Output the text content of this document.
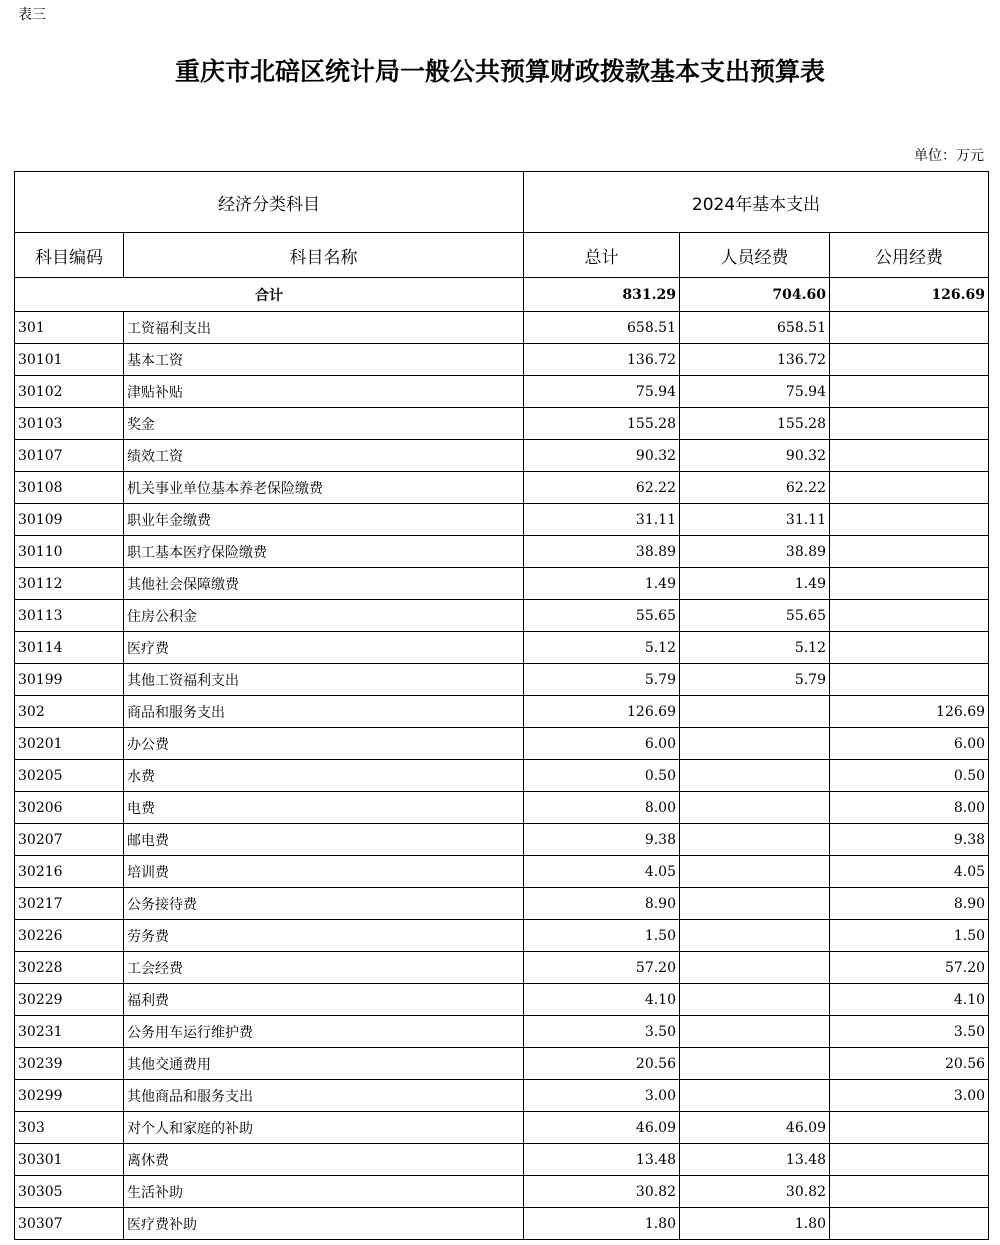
表三
重庆市北碚区统计局一般公共预算财政拨款基本支出预算表
单位：万元
经济分类科目		2024年基本支出		
科目编码	科目名称	总计	人员经费	公用经费
合计		831.29	704.60	126.69
301	工资福利支出	658.51	658.51	
30101	基本工资	136.72	136.72	
30102	津贴补贴	75.94	75.94	
30103	奖金	155.28	155.28	
30107	绩效工资	90.32	90.32	
30108	机关事业单位基本养老保险缴费	62.22	62.22	
30109	职业年金缴费	31.11	31.11	
30110	职工基本医疗保险缴费	38.89	38.89	
30112	其他社会保障缴费	1.49	1.49	
30113	住房公积金	55.65	55.65	
30114	医疗费	5.12	5.12	
30199	其他工资福利支出	5.79	5.79	
302	商品和服务支出	126.69		126.69
30201	办公费	6.00		6.00
30205	水费	0.50		0.50
30206	电费	8.00		8.00
30207	邮电费	9.38		9.38
30216	培训费	4.05		4.05
30217	公务接待费	8.90		8.90
30226	劳务费	1.50		1.50
30228	工会经费	57.20		57.20
30229	福利费	4.10		4.10
30231	公务用车运行维护费	3.50		3.50
30239	其他交通费用	20.56		20.56
30299	其他商品和服务支出	3.00		3.00
303	对个人和家庭的补助	46.09	46.09	
30301	离休费	13.48	13.48	
30305	生活补助	30.82	30.82	
30307	医疗费补助	1.80	1.80	
